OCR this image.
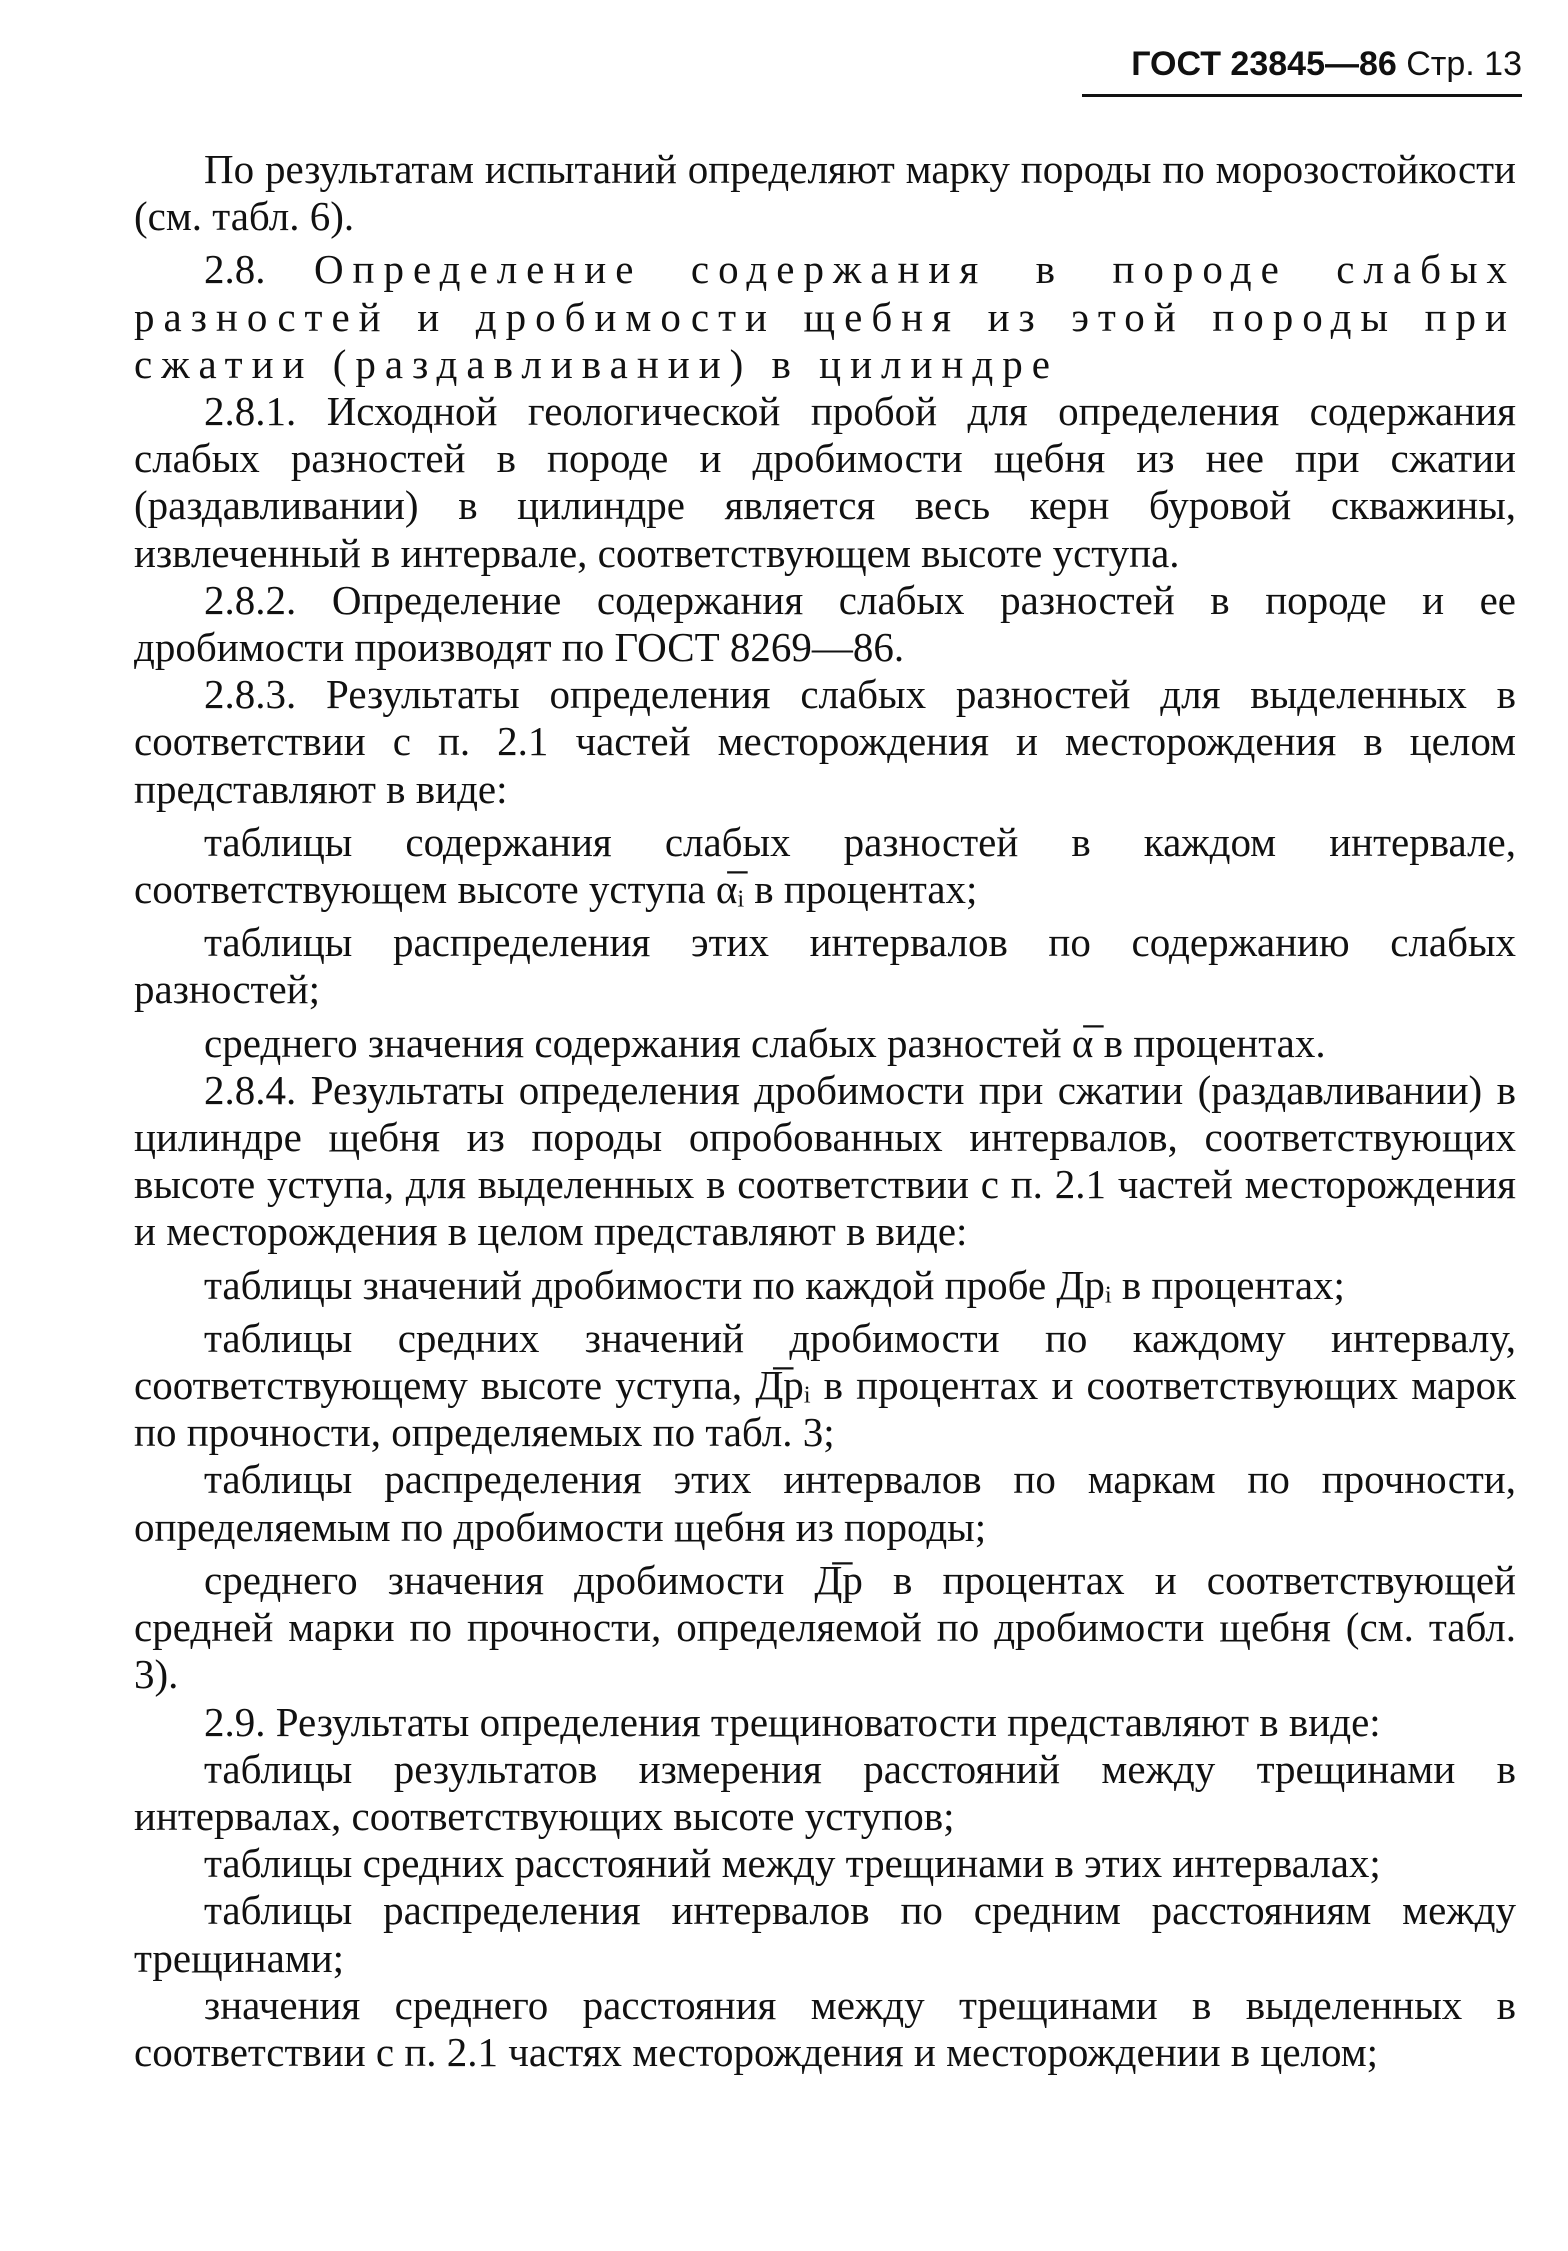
ГОСТ 23845—86 Стр. 13

По результатам испытаний определяют марку породы по морозостойкости (см. табл. 6).

2.8. Определение содержания в породе слабых разностей и дробимости щебня из этой породы при сжатии (раздавливании) в цилиндре

2.8.1. Исходной геологической пробой для определения содержания слабых разностей в породе и дробимости щебня из нее при сжатии (раздавливании) в цилиндре является весь керн буровой скважины, извлеченный в интервале, соответствующем высоте уступа.

2.8.2. Определение содержания слабых разностей в породе и ее дробимости производят по ГОСТ 8269—86.

2.8.3. Результаты определения слабых разностей для выделенных в соответствии с п. 2.1 частей месторождения и месторождения в целом представляют в виде:

таблицы содержания слабых разностей в каждом интервале, соответствующем высоте уступа α̅ᵢ в процентах;

таблицы распределения этих интервалов по содержанию слабых разностей;

среднего значения содержания слабых разностей α̅ в процентах.

2.8.4. Результаты определения дробимости при сжатии (раздавливании) в цилиндре щебня из породы опробованных интервалов, соответствующих высоте уступа, для выделенных в соответствии с п. 2.1 частей месторождения и месторождения в целом представляют в виде:

таблицы значений дробимости по каждой пробе Дрᵢ в процентах;

таблицы средних значений дробимости по каждому интервалу, соответствующему высоте уступа, Д̅рᵢ в процентах и соответствующих марок по прочности, определяемых по табл. 3;

таблицы распределения этих интервалов по маркам по прочности, определяемым по дробимости щебня из породы;

среднего значения дробимости Д̅р в процентах и соответствующей средней марки по прочности, определяемой по дробимости щебня (см. табл. 3).

2.9. Результаты определения трещиноватости представляют в виде:

таблицы результатов измерения расстояний между трещинами в интервалах, соответствующих высоте уступов;

таблицы средних расстояний между трещинами в этих интервалах;

таблицы распределения интервалов по средним расстояниям между трещинами;

значения среднего расстояния между трещинами в выделенных в соответствии с п. 2.1 частях месторождения и месторождении в целом;
